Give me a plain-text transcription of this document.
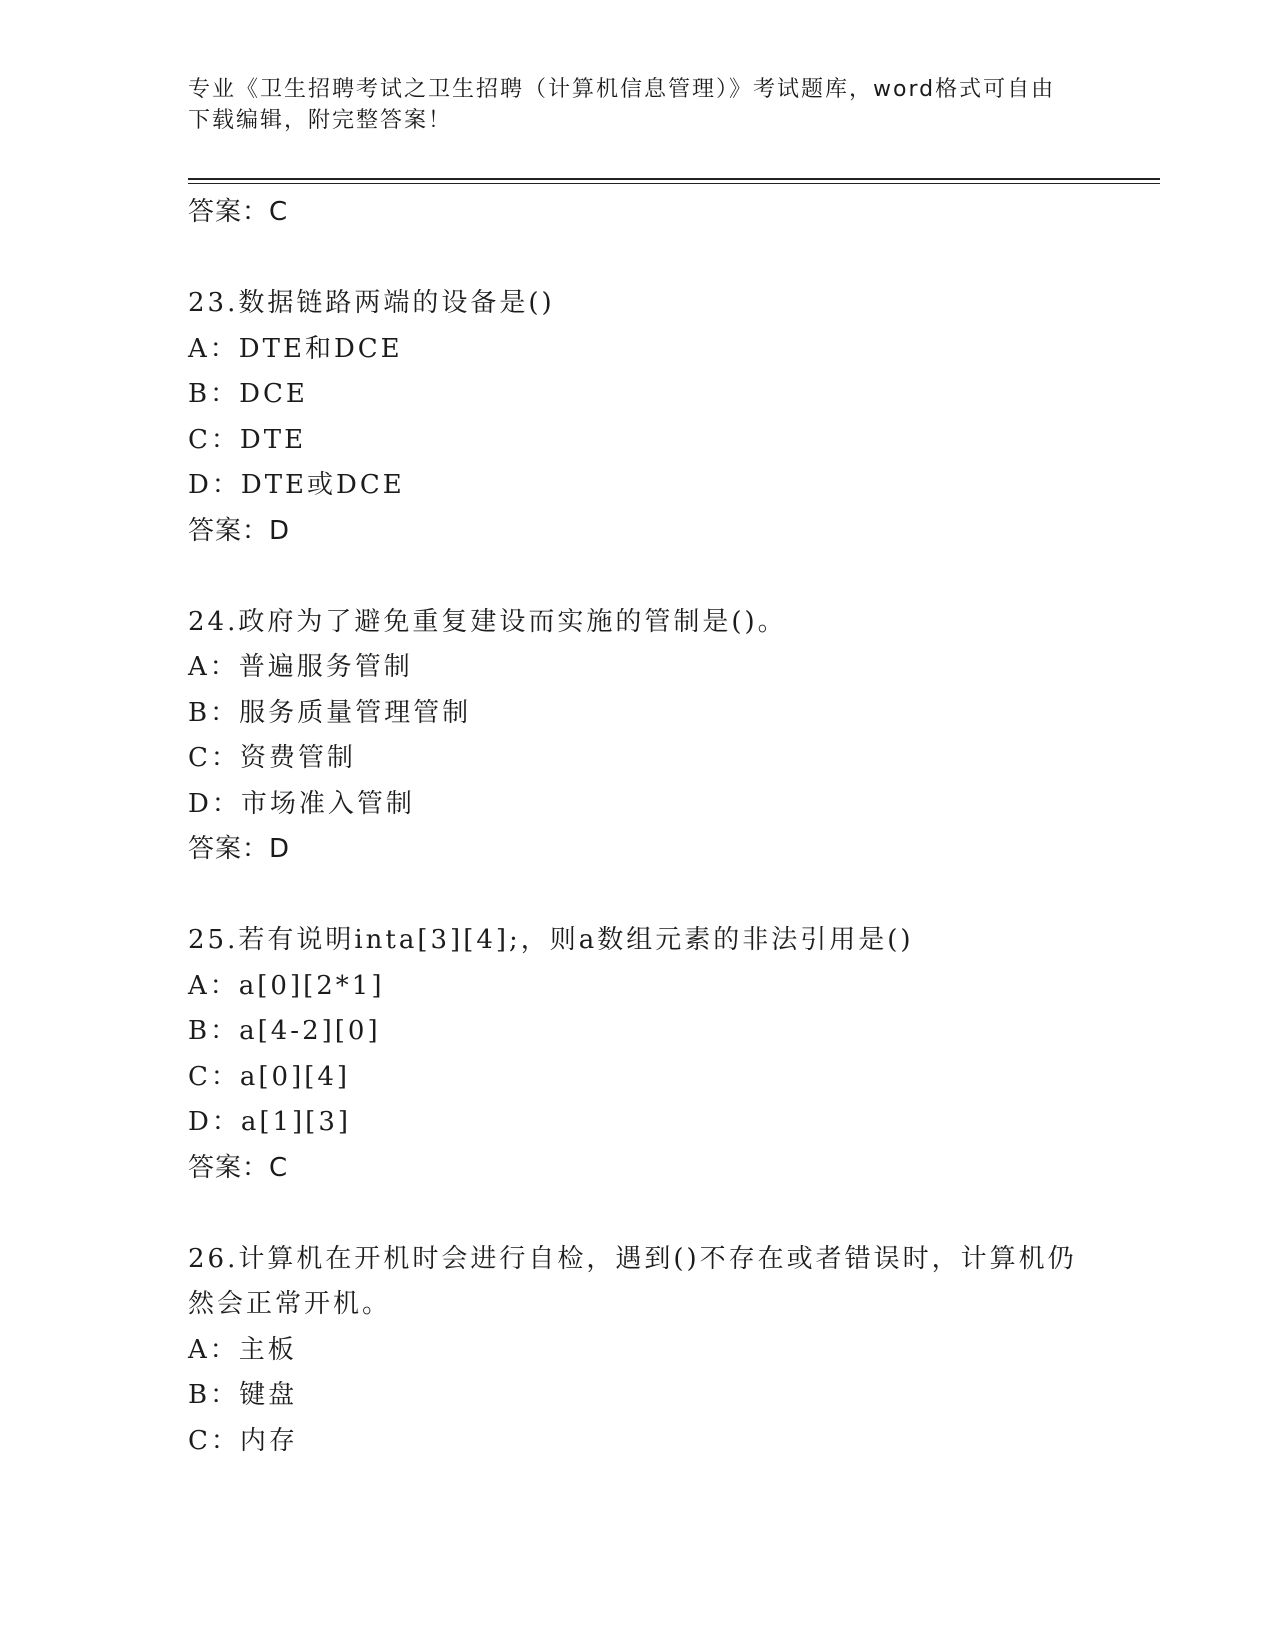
专业《卫生招聘考试之卫生招聘（计算机信息管理）》考试题库，word格式可自由下载编辑，附完整答案！
答案：C
23.数据链路两端的设备是()
A：DTE和DCE
B：DCE
C：DTE
D：DTE或DCE
答案：D
24.政府为了避免重复建设而实施的管制是()。
A：普遍服务管制
B：服务质量管理管制
C：资费管制
D：市场准入管制
答案：D
25.若有说明inta[3][4];，则a数组元素的非法引用是()
A：a[0][2*1]
B：a[4-2][0]
C：a[0][4]
D：a[1][3]
答案：C
26.计算机在开机时会进行自检，遇到()不存在或者错误时，计算机仍然会正常开机。
A：主板
B：键盘
C：内存
